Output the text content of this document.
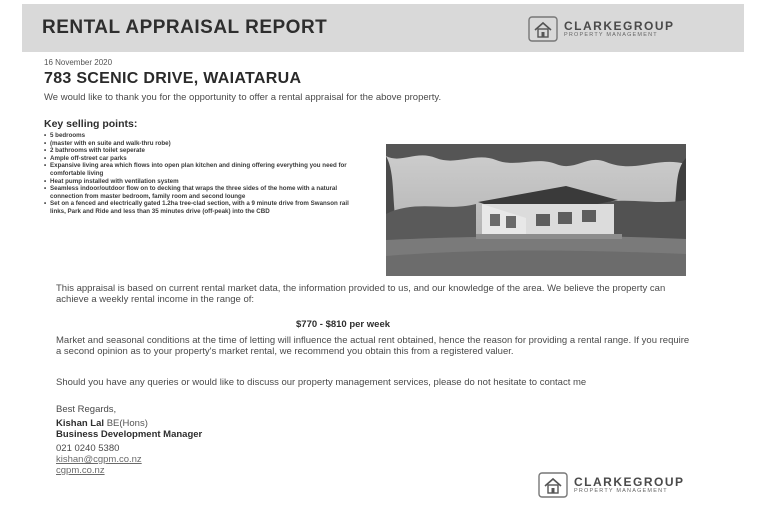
RENTAL APPRAISAL REPORT	CLARKEGROUP
PROPERTY MANAGEMENT
16 November 2020
783 SCENIC DRIVE, WAIATARUA
We would like to thank you for the opportunity to offer a rental appraisal for the above property.
Key selling points:
• 5 bedrooms
• (master with en suite and walk-thru robe)
• 2 bathrooms with toilet seperate
• Ample off-street car parks
• Expansive living area which flows into open plan kitchen and dining offering everything you need for comfortable living
• Heat pump installed with ventilation system
• Seamless indoor/outdoor flow on to decking that wraps the three sides of the home with a natural connection from master bedroom, family room and second lounge
• Set on a fenced and electrically gated 1.2ha tree-clad section, with a 9 minute drive from Swanson rail links, Park and Ride and less than 35 minutes drive (off-peak) into the CBD
This appraisal is based on current rental market data, the information provided to us, and our knowledge of the area. We believe the property can achieve a weekly rental income in the range of:
$770 - $810 per week
Market and seasonal conditions at the time of letting will influence the actual rent obtained, hence the reason for providing a rental range. If you require a second opinion as to your property's market rental, we recommend you obtain this from a registered valuer.
Should you have any queries or would like to discuss our property management services, please do not hesitate to contact me
Best Regards,
Kishan Lal BE(Hons)
Business Development Manager
021 0240 5380
kishan@cgpm.co.nz
cgpm.co.nz
CLARKEGROUP
PROPERTY MANAGEMENT
